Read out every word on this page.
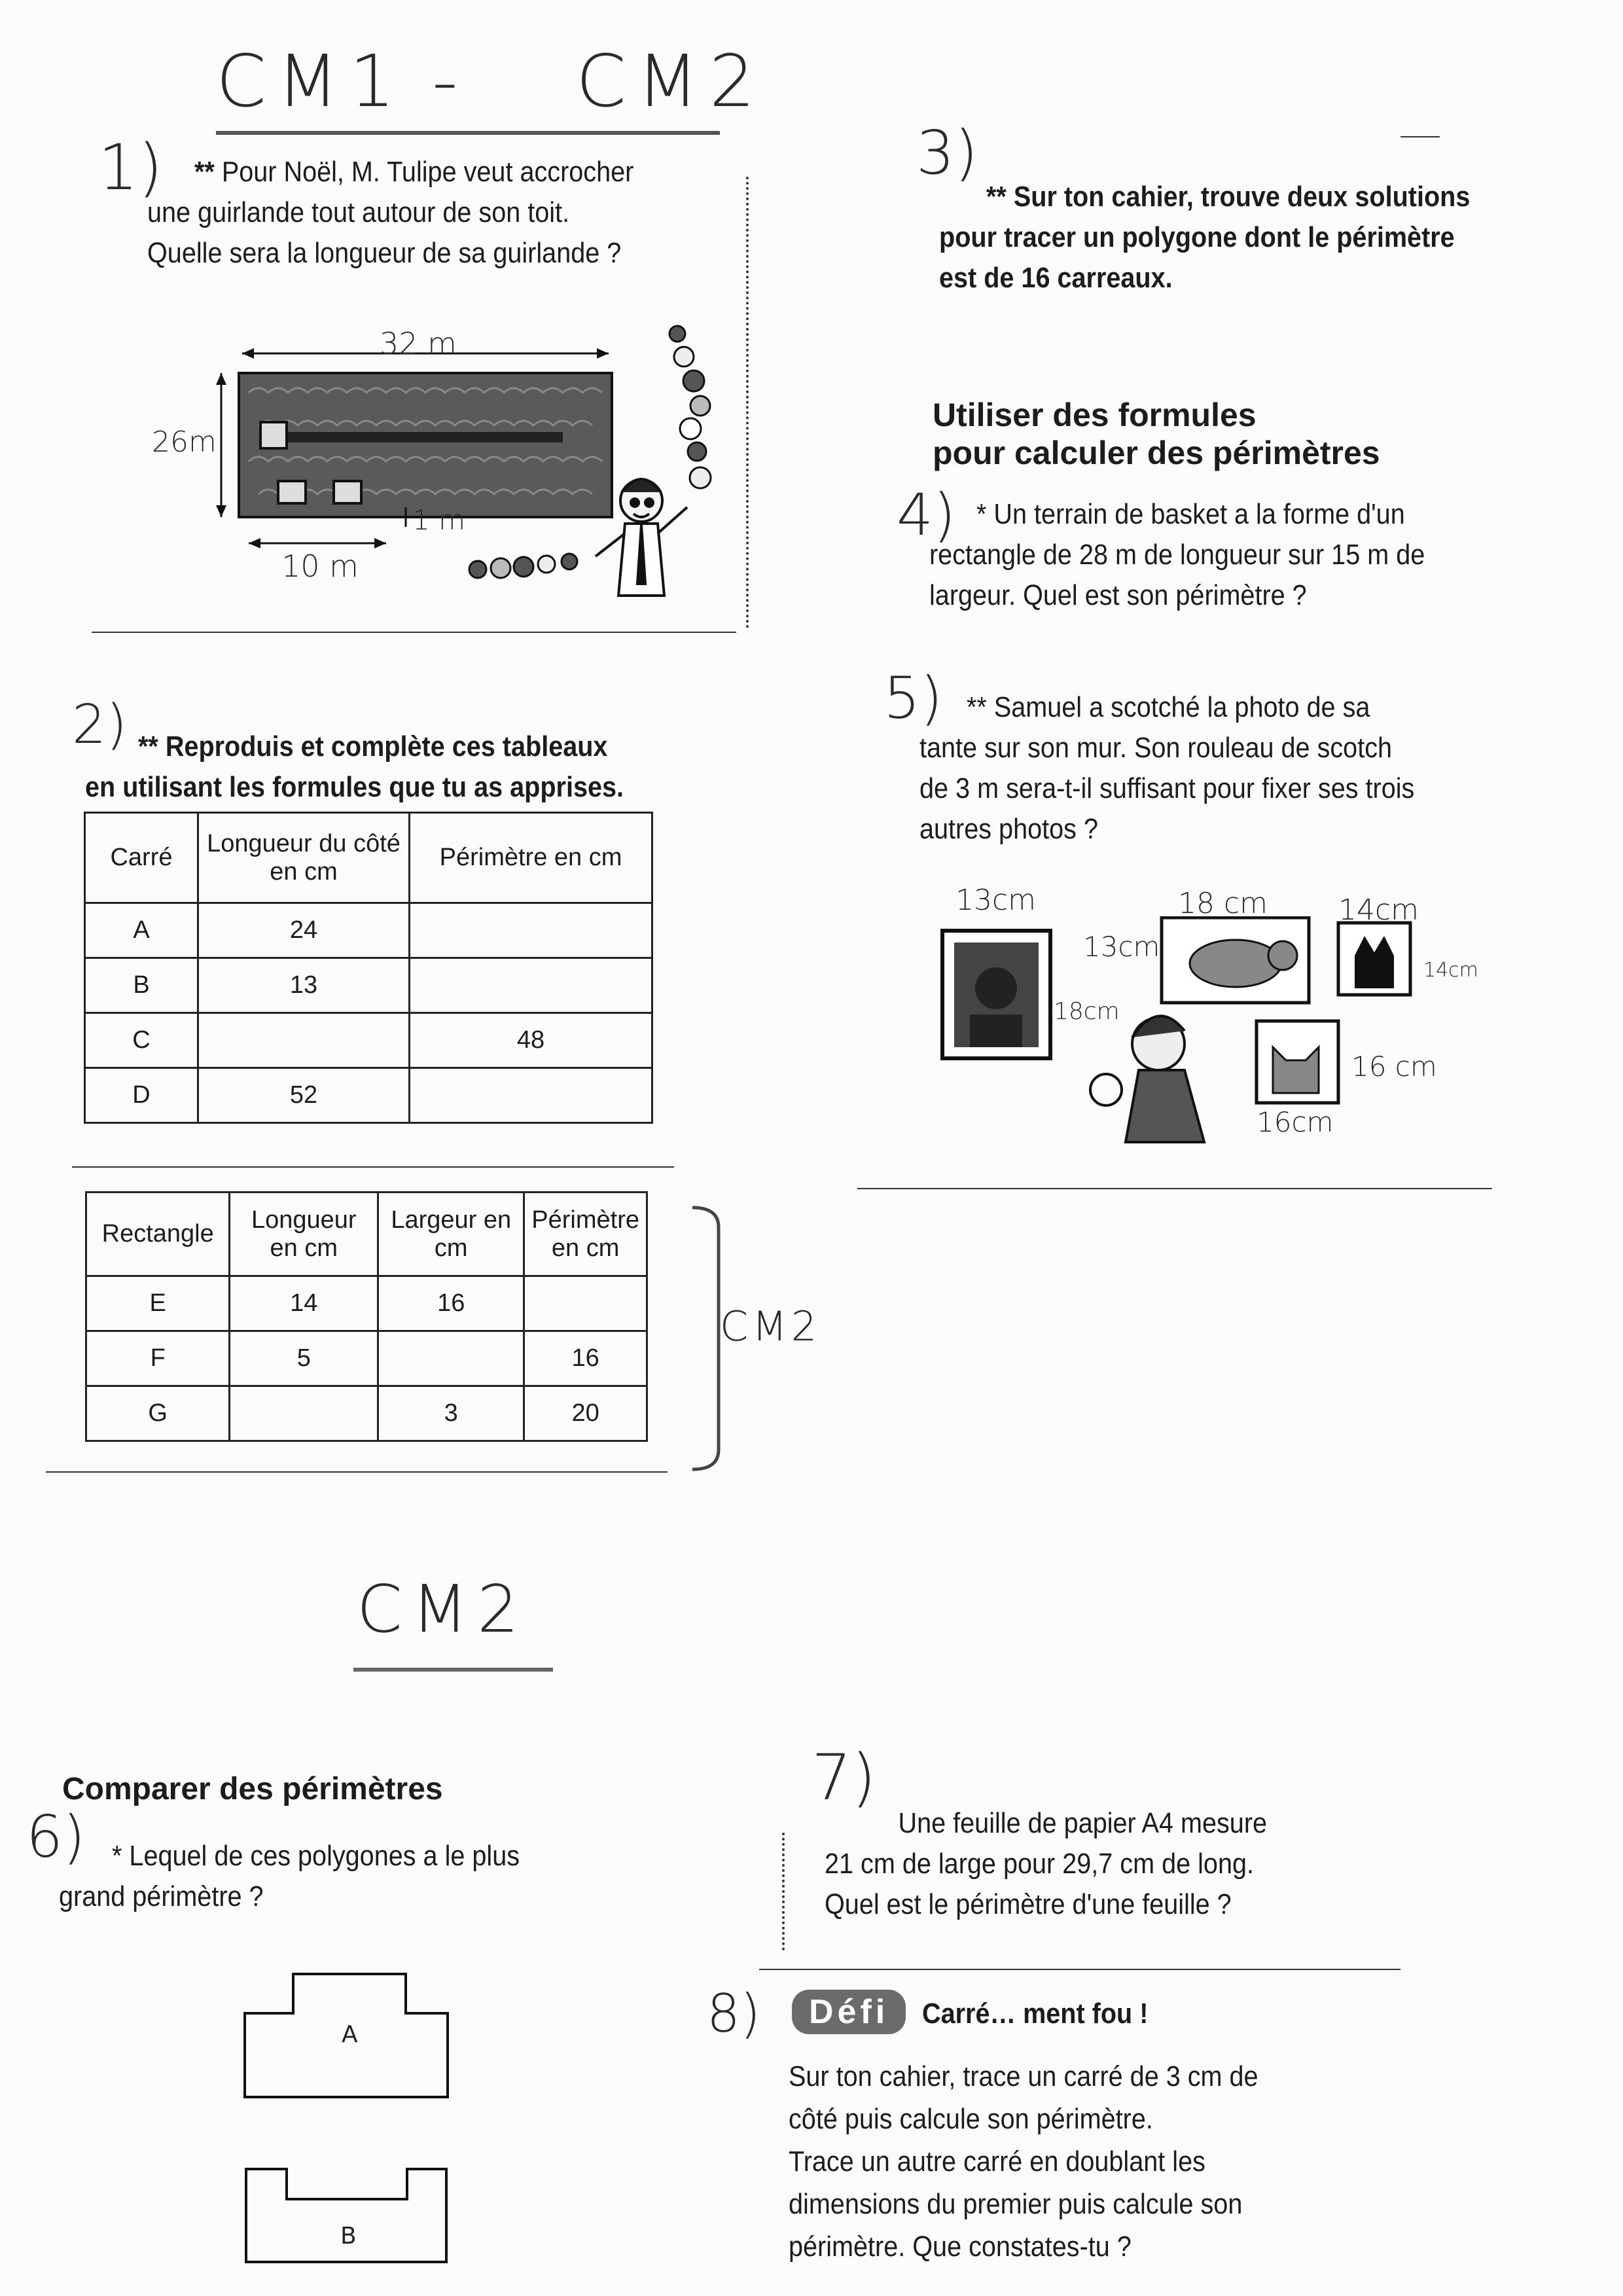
CM1 - CM2
1)	** Pour Noël, M. Tulipe veut accrocher
une guirlande tout autour de son toit.
Quelle sera la longueur de sa guirlande ?
32 m
26m
10 m
1 m
2) ** Reproduis et complète ces tableaux
en utilisant les formules que tu as apprises.
Carré	Longueur du côté en cm	Périmètre en cm
A	24	
B	13	
C		48
D	52	
Rectangle	Longueur en cm	Largeur en cm	Périmètre en cm
E	14	16	
F	5		16
G		3	20
CM2
3)
** Sur ton cahier, trouve deux solutions
pour tracer un polygone dont le périmètre
est de 16 carreaux.
Utiliser des formules
pour calculer des périmètres
4) * Un terrain de basket a la forme d'un
rectangle de 28 m de longueur sur 15 m de
largeur. Quel est son périmètre ?
5) ** Samuel a scotché la photo de sa
tante sur son mur. Son rouleau de scotch
de 3 m sera-t-il suffisant pour fixer ses trois
autres photos ?
13cm
18cm
18 cm
13cm
14cm
14cm
16cm
16 cm
CM2
Comparer des périmètres
6) * Lequel de ces polygones a le plus
grand périmètre ?
A
B
7)
Une feuille de papier A4 mesure
21 cm de large pour 29,7 cm de long.
Quel est le périmètre d'une feuille ?
8)	Défi Carré… ment fou !
Sur ton cahier, trace un carré de 3 cm de
côté puis calcule son périmètre.
Trace un autre carré en doublant les
dimensions du premier puis calcule son
périmètre. Que constates-tu ?
